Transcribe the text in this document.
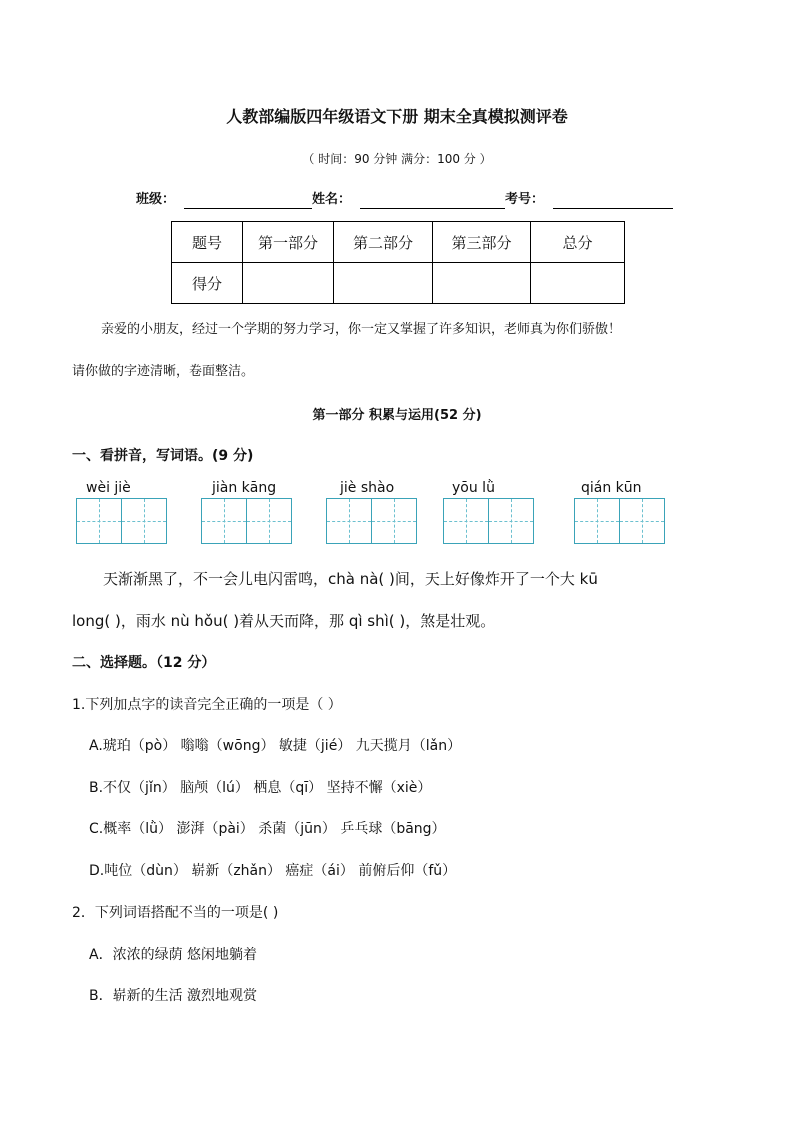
人教部编版四年级语文下册 期末全真模拟测评卷
（ 时间：90 分钟 满分：100 分 ）
班级：	姓名：	考号：
题号	第一部分	第二部分	第三部分	总分
得分				
亲爱的小朋友，经过一个学期的努力学习，你一定又掌握了许多知识，老师真为你们骄傲！
请你做的字迹清晰，卷面整洁。
第一部分 积累与运用(52 分)
一、看拼音，写词语。(9 分)
wèi jiè	jiàn kāng	jiè shào	yōu lǜ	qián kūn
天渐渐黑了，不一会儿电闪雷鸣，chà nà( )间，天上好像炸开了一个大 kū
long( )，雨水 nù hǒu( )着从天而降，那 qì shì( )，煞是壮观。
二、选择题。（12 分）
1.下列加点字的读音完全正确的一项是（ ）
A.琥珀（pò） 嗡嗡（wōng） 敏捷（jié） 九天揽月（lǎn）
B.不仅（jǐn） 脑颅（lú） 栖息（qī） 坚持不懈（xiè）
C.概率（lǜ） 澎湃（pài） 杀菌（jūn） 乒乓球（bāng）
D.吨位（dùn） 崭新（zhǎn） 癌症（ái） 前俯后仰（fǔ）
2．下列词语搭配不当的一项是( )
A．浓浓的绿荫 悠闲地躺着
B．崭新的生活 激烈地观赏
